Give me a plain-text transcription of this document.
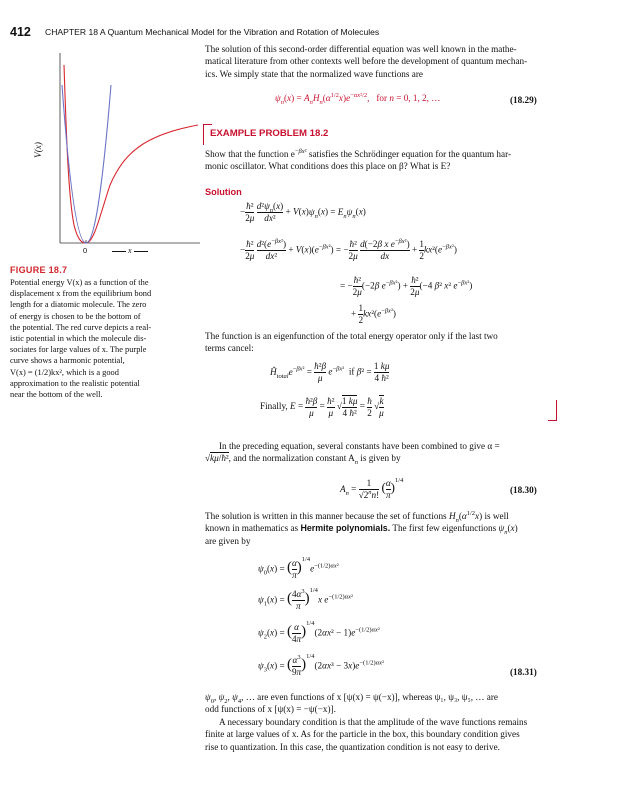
412 CHAPTER 18 A Quantum Mechanical Model for the Vibration and Rotation of Molecules
V(x)
0	x
FIGURE 18.7
Potential energy V(x) as a function of the
displacement x from the equilibrium bond
length for a diatomic molecule. The zero
of energy is chosen to be the bottom of
the potential. The red curve depicts a real-
istic potential in which the molecule dis-
sociates for large values of x. The purple
curve shows a harmonic potential,
V(x) = (1/2)kx², which is a good
approximation to the realistic potential
near the bottom of the well.
The solution of this second-order differential equation was well known in the mathe-
matical literature from other contexts well before the development of quantum mechan-
ics. We simply state that the normalized wave functions are
$\psi_n(x) = A_nH_n(\alpha^{1/2}x)e^{-\alpha x^2/2}$,   for n = 0, 1, 2, …	(18.29)
EXAMPLE PROBLEM 18.2
Show that the function $e^{-\beta x^2}$ satisfies the Schrödinger equation for the quantum har-
monic oscillator. What conditions does this place on β? What is E?
Solution
− $\frac{\text{ħ²}}{2\mu}$
$\frac{d^2\psi_n(x)}{\text{dx²}} + V(x)\psi_n(x) = E_n\psi_n(x)$
− $\frac{\text{ħ²}}{2\mu}$
$\frac{d^2(e^{-\beta x^2})}{\text{dx²}} + V(x)(e^{-\beta x^2})$ = − $\frac{\text{ħ²}}{2\mu}$
$\frac{d(-2\beta x e^{-\beta x^2})}{dx} + \frac{1}{2} kx^2(e^{-\beta x^2})$
= − $\frac{\text{ħ²}}{2\mu} (-2\beta$ $e^{-\beta x^2}) + \frac{\text{ħ²}}{2\mu} (-4$ β² x² $e^{-\beta x^2}$)
+ $\frac{1}{2} kx^2(e^{-\beta x^2})$
The function is an eigenfunction of the total energy operator only if the last two
terms cancel:
$Ĥ_{total}e^{-\beta x^2} = \frac{\text{ħ²β}}{\mu} e^{-\beta x^2}$  if $\beta^2 = \frac{1 k\mu}{\text{4 ħ²}}$
Finally, $E = \frac{\text{ħ²β}}{\mu} = \frac{\text{ħ²}}{\mu}$ √ $\frac{1 k\mu}{\text{4 ħ²}} = \frac{ħ}{2}$ √ $\frac{k}{\mu}$
In the preceding equation, several constants have been combined to give α =
√kμ/ħ², and the normalization constant $A_n$ is given by
$A_n = \frac{1}{√2^nn!}$ ( $\frac{\alpha}{\pi} )^{1/4}$
(18.30)
The solution is written in this manner because the set of functions $H_n(\alpha^{1/2}x)$ is well
known in mathematics as Hermite polynomials. The first few eigenfunctions $\psi_n(x)$
are given by
$\psi_0(x)$ = ( $\frac{\alpha}{\pi} )^{1/4}e^{-(1/2)\alpha x^2}$
$\psi_1(x)$ = ( $\frac{4\alpha^3}{\pi} )^{1/4}x$ $e^{-(1/2)\alpha x^2}$
$\psi_2(x)$ = ( $\frac{\alpha}{4\pi} )^{1/4}(2\alpha x^2 - 1)e^{-(1/2)\alpha x^2}$
$\psi_3(x)$ = ( $\frac{\alpha^3}{9\pi} )^{1/4}(2\alpha x^3 - 3x)e^{-(1/2)\alpha x^2}$
(18.31)
$\psi_0$, $\psi_2$, $\psi_4$, … are even functions of x [ψ(x) = ψ(−x)], whereas ψ₁, ψ₃, ψ₅, … are
odd functions of x [ψ(x) = −ψ(−x)].
A necessary boundary condition is that the amplitude of the wave functions remains
finite at large values of x. As for the particle in the box, this boundary condition gives
rise to quantization. In this case, the quantization condition is not easy to derive.
